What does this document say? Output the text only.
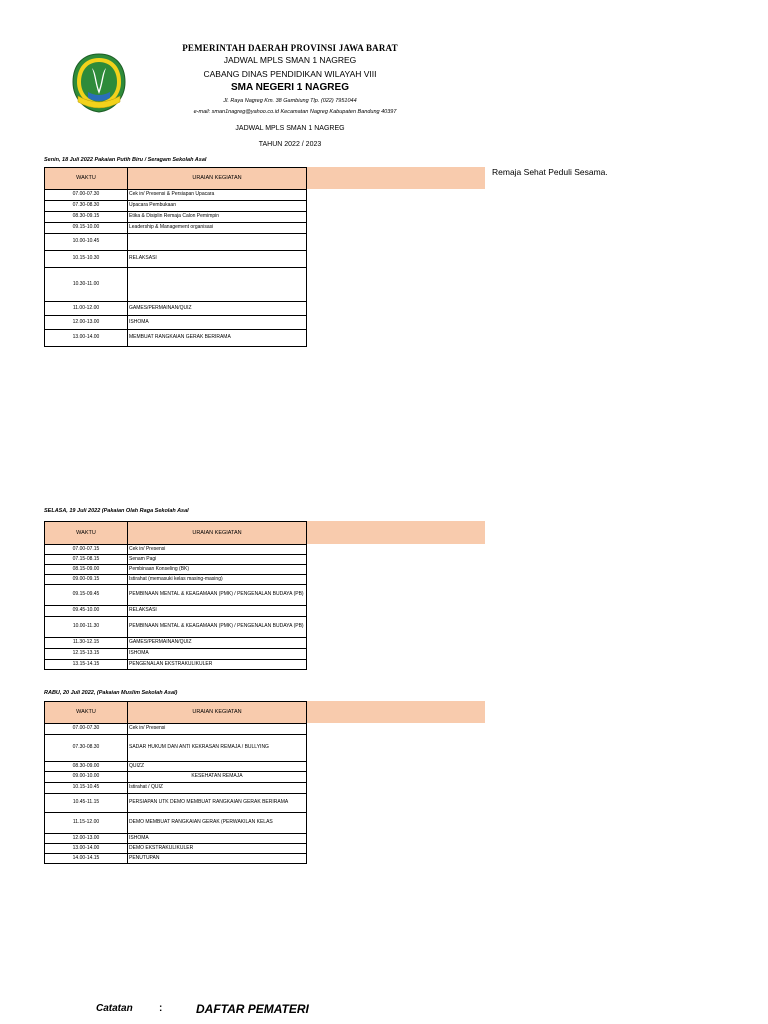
PEMERINTAH DAERAH PROVINSI JAWA BARAT
JADWAL MPLS SMAN 1 NAGREG
CABANG DINAS PENDIDIKAN WILAYAH VIII
SMA NEGERI 1 NAGREG
Jl. Raya Nagreg Km. 38 Gambiung Tlp. (022) 7951044
e-mail: sman1nagreg@yahoo.co.id Kecamatan Nagreg Kabupaten Bandung 40397
JADWAL MPLS SMAN 1 NAGREG
TAHUN 2022 / 2023
Senin, 18 Juli 2022 Pakaian Putih Biru / Seragam Sekolah Asal
WAKTU	URAIAN KEGIATAN
07.00-07.30	Cek in/ Presensi & Persiapan Upacara
07.30-08.30	Upacara Pembukaan
08.30-09.15	Etika & Disiplin Remaja Calon Pemimpin
09.15-10.00	Leadership & Management organisasi
10.00-10.45	
10.15-10.30	RELAKSASI
10.30-11.00	
11.00-12.00	GAMES/PERMAINAN/QUIZ
12.00-13.00	ISHOMA
13.00-14.00	MEMBUAT RANGKAIAN GERAK BERIRAMA
Remaja Sehat Peduli Sesama.
SELASA, 19 Juli 2022 (Pakaian Olah Raga Sekolah Asal
WAKTU	URAIAN KEGIATAN
07.00-07.15	Cek in/ Presensi
07.15-08.15	Senam Pagi
08.15-09.00	Pembinaan Konseling (BK)
09.00-09.15	Istirahat (memasuki kelas masing-masing)
09.15-09.45	PEMBINAAN MENTAL & KEAGAMAAN (PMK) / PENGENALAN BUDAYA (PB)
09.45-10.00	RELAKSASI
10.00-11.30	PEMBINAAN MENTAL & KEAGAMAAN (PMK) / PENGENALAN BUDAYA (PB)
11.30-12.15	GAMES/PERMAINAN/QUIZ
12.15-13.15	ISHOMA
13.15-14.15	PENGENALAN EKSTRAKULIKULER
RABU, 20 Juli 2022, (Pakaian Muslim Sekolah Asal)
WAKTU	URAIAN KEGIATAN
07.00-07.30	Cek in/ Presensi
07.30-08.30	SADAR HUKUM DAN ANTI KEKRASAN REMAJA / BULLYING
08.30-09.00	QUIZZ
09.00-10.00	KESEHATAN REMAJA
10.15-10.45	Istirahat / QUIZ
10.45-11.15	PERSIAPAN UTK DEMO MEMBUAT RANGKAIAN GERAK BERIRAMA
11.15-12.00	DEMO MEMBUAT RANGKAIAN GERAK (PERWAKILAN KELAS
12.00-13.00	ISHOMA
13.00-14.00	DEMO EKSTRAKULIKULER
14.00-14.15	PENUTUPAN
Catatan	:	DAFTAR PEMATERI
